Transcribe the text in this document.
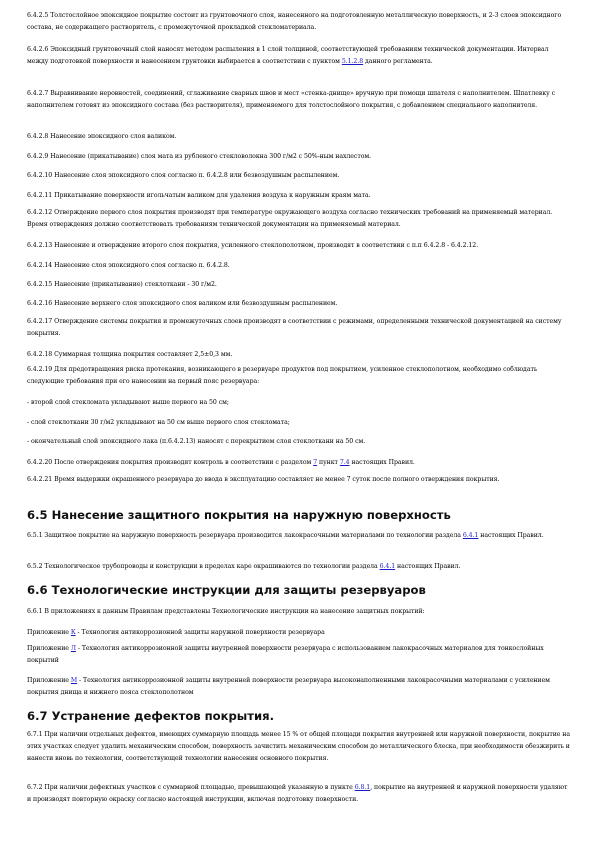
6.4.2.5 Толстослойное эпоксидное покрытие состоит из грунтовочного слоя, нанесенного на подготовленную металлическую поверхность, и 2-3 слоев эпоксидного состава, не содержащего растворитель, с промежуточной прокладкой стекломатериала.
6.4.2.6 Эпоксидный грунтовочный слой наносят методом распыления в 1 слой толщиной, соответствующей требованиям технической документации. Интервал между подготовкой поверхности и нанесением грунтовки выбирается в соответствии с пунктом 5.1.2.8 данного регламента.
6.4.2.7 Выравнивание неровностей, соединений, сглаживание сварных швов и мест «стенка-днище» вручную при помощи шпателя с наполнителем. Шпатлевку с наполнителем готовят из эпоксидного состава (без растворителя), применяемого для толстослойного покрытия, с добавлением специального наполнителя.
6.4.2.8 Нанесение эпоксидного слоя валиком.
6.4.2.9 Нанесение (прикатывание) слоя мата из рубленого стекловолокна 300 г/м2 с 50%-ным нахлестом.
6.4.2.10 Нанесение слоя эпоксидного слоя согласно п. 6.4.2.8 или безвоздушным распылением.
6.4.2.11 Прикатывание поверхности игольчатым валиком для удаления воздуха к наружным краям мата.
6.4.2.12 Отверждение первого слоя покрытия производят при температуре окружающего воздуха согласно технических требований на применяемый материал. Время отверждения должно соответствовать требованиям технической документации на применяемый материал.
6.4.2.13 Нанесение и отверждение второго слоя покрытия, усиленного стеклополотном, производят в соответствии с п.п 6.4.2.8 - 6.4.2.12.
6.4.2.14 Нанесение слоя эпоксидного слоя согласно п. 6.4.2.8.
6.4.2.15 Нанесение (прикатывание) стеклоткани - 30 г/м2.
6.4.2.16 Нанесение верхнего слоя эпоксидного слоя валиком или безвоздушным распылением.
6.4.2.17 Отверждение системы покрытия и промежуточных слоев производят в соответствии с режимами, определенными технической документацией на систему покрытия.
6.4.2.18 Суммарная толщина покрытия составляет 2,5±0,3 мм.
6.4.2.19 Для предотвращения риска протекания, возникающего в резервуаре продуктов под покрытием, усиленное стеклополотном, необходимо соблюдать следующие требования при его нанесении на первый пояс резервуара:
- второй слой стекломата укладывают выше первого на 50 см;
- слой стеклоткани 30 г/м2 укладывают на 50 см выше первого слоя стекломата;
- окончательный слой эпоксидного лака (п.6.4.2.13) наносят с перекрытием слоя стеклоткани на 50 см.
6.4.2.20 После отверждения покрытия производят контроль в соответствии с разделом 7 пункт 7.4 настоящих Правил.
6.4.2.21 Время выдержки окрашенного резервуара до ввода в эксплуатацию составляет не менее 7 суток после полного отверждения покрытия.
6.5 Нанесение защитного покрытия на наружную поверхность
6.5.1 Защитное покрытие на наружную поверхность резервуара производится лакокрасочными материалами по технологии раздела 6.4.1 настоящих Правил.
6.5.2 Технологическое трубопроводы и конструкции в пределах каре окрашиваются по технологии раздела 6.4.1 настоящих Правил.
6.6 Технологические инструкции для защиты резервуаров
6.6.1 В приложениях к данным Правилам представлены Технологические инструкции на нанесение защитных покрытий:
Приложение К - Технология антикоррозионной защиты наружной поверхности резервуара
Приложение Л - Технология антикоррозионной защиты внутренней поверхности резервуара с использованием лакокрасочных материалов для тонкослойных покрытий
Приложение М - Технология антикоррозионной защиты внутренней поверхности резервуара высоконаполненными лакокрасочными материалами с усилением покрытия днища и нижнего пояса стеклополотном
6.7 Устранение дефектов покрытия.
6.7.1 При наличии отдельных дефектов, имеющих суммарную площадь менее 15 % от общей площади покрытия внутренней или наружной поверхности, покрытие на этих участках следует удалить механическим способом, поверхность зачистить механическим способом до металлического блеска, при необходимости обезжирить и нанести вновь по технологии, соответствующей технологии нанесения основного покрытия.
6.7.2 При наличии дефектных участков с суммарной площадью, превышающей указанную в пункте 6.8.1, покрытие на внутренней и наружной поверхности удаляют и производят повторную окраску согласно настоящей инструкции, включая подготовку поверхности.
